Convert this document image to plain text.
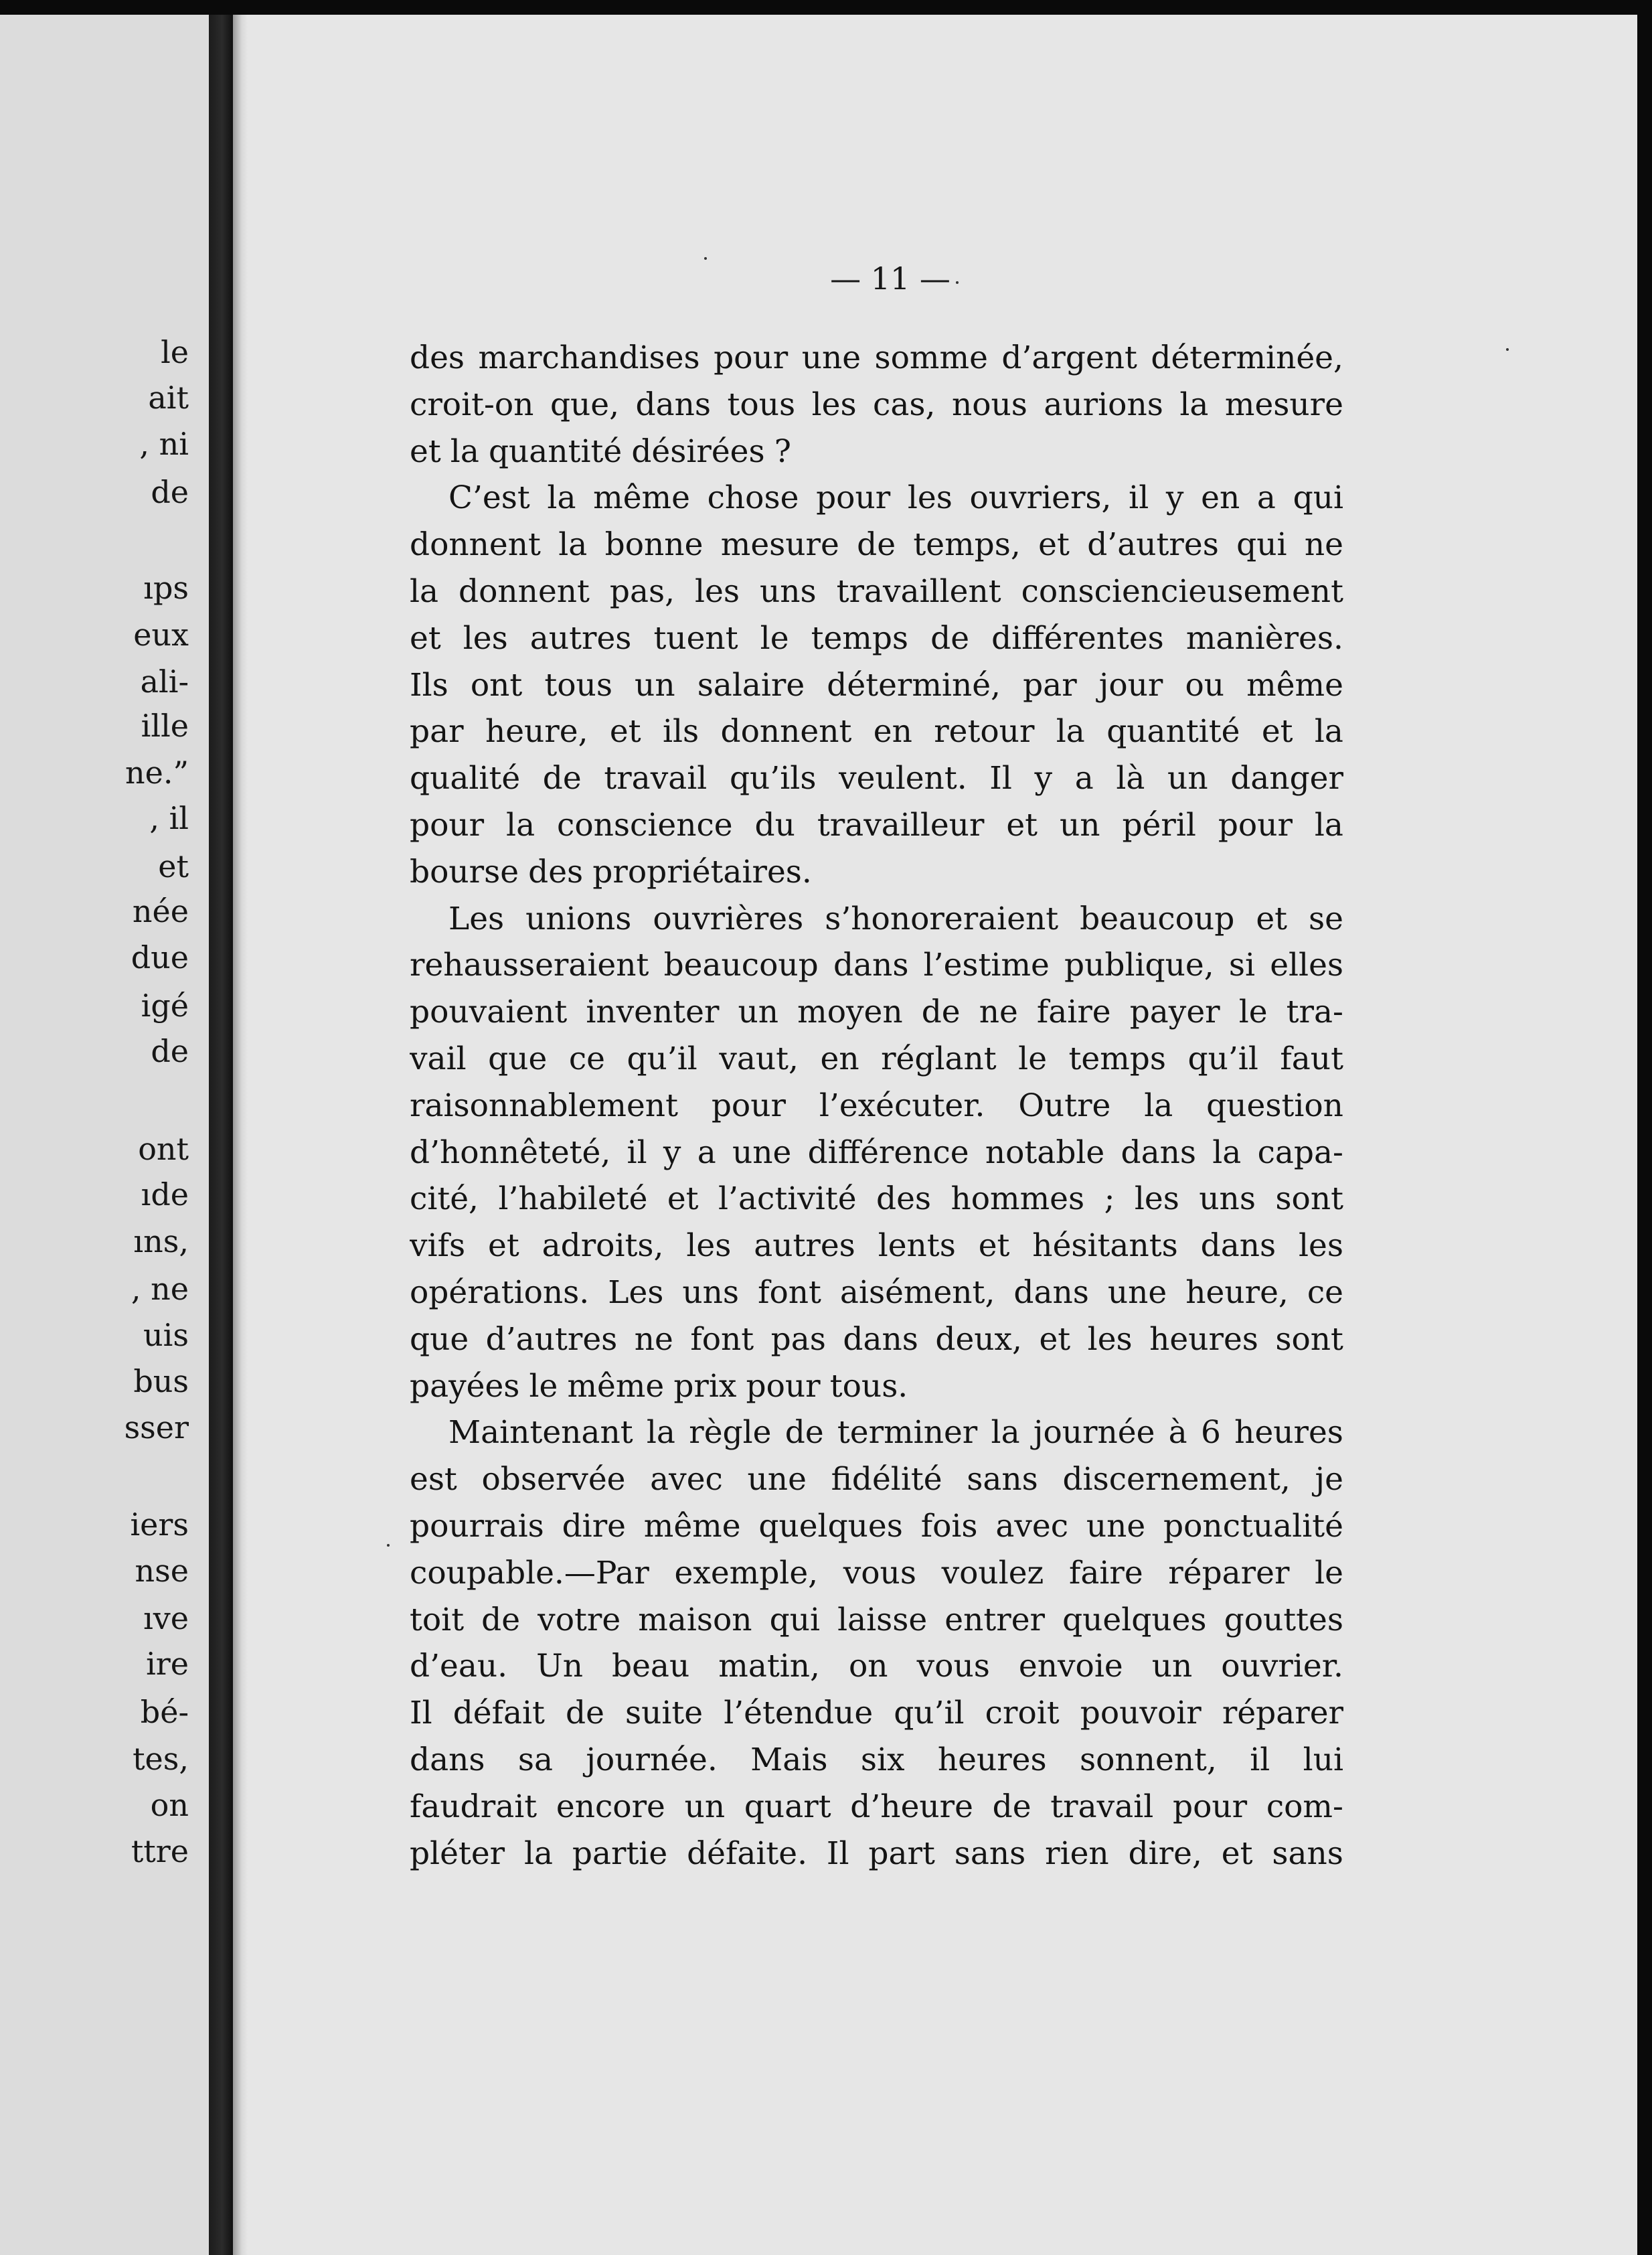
le
ait
, ni
de
ıps
eux
ali-
ille
ne.”
, il
et
née
due
igé
de
ont
ıde
ıns,
, ne
uis
bus
sser
iers
nse
ıve
ire
bé-
tes,
on
ttre
— 11 —
des marchandises pour une somme d’argent déterminée,
croit-on que, dans tous les cas, nous aurions la mesure
et la quantité désirées ?
C’est la même chose pour les ouvriers, il y en a qui
donnent la bonne mesure de temps, et d’autres qui ne
la donnent pas, les uns travaillent consciencieusement
et les autres tuent le temps de différentes manières.
Ils ont tous un salaire déterminé, par jour ou même
par heure, et ils donnent en retour la quantité et la
qualité de travail qu’ils veulent. Il y a là un danger
pour la conscience du travailleur et un péril pour la
bourse des propriétaires.
Les unions ouvrières s’honoreraient beaucoup et se
rehausseraient beaucoup dans l’estime publique, si elles
pouvaient inventer un moyen de ne faire payer le tra-
vail que ce qu’il vaut, en réglant le temps qu’il faut
raisonnablement pour l’exécuter. Outre la question
d’honnêteté, il y a une différence notable dans la capa-
cité, l’habileté et l’activité des hommes ; les uns sont
vifs et adroits, les autres lents et hésitants dans les
opérations. Les uns font aisément, dans une heure, ce
que d’autres ne font pas dans deux, et les heures sont
payées le même prix pour tous.
Maintenant la règle de terminer la journée à 6 heures
est observée avec une fidélité sans discernement, je
pourrais dire même quelques fois avec une ponctualité
coupable.—Par exemple, vous voulez faire réparer le
toit de votre maison qui laisse entrer quelques gouttes
d’eau. Un beau matin, on vous envoie un ouvrier.
Il défait de suite l’étendue qu’il croit pouvoir réparer
dans sa journée. Mais six heures sonnent, il lui
faudrait encore un quart d’heure de travail pour com-
pléter la partie défaite. Il part sans rien dire, et sans
